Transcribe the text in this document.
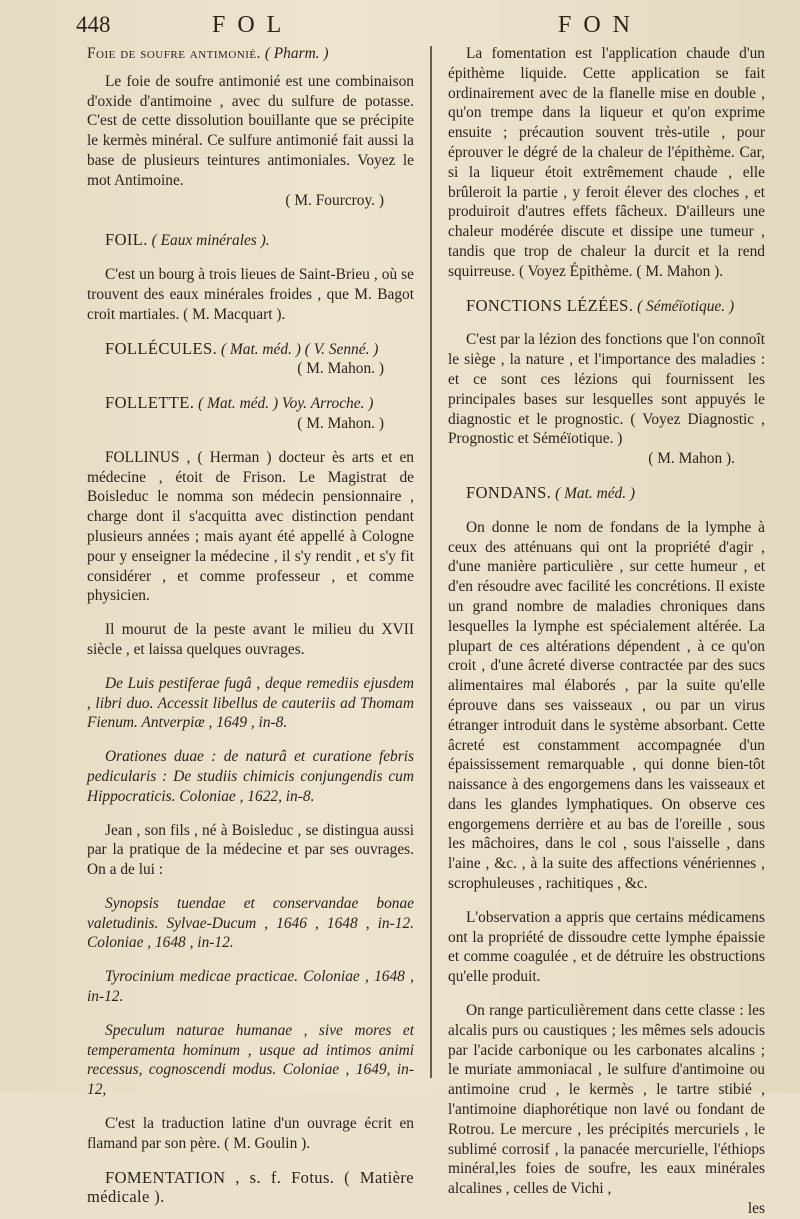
448	FOL	FON

Foie de soufre antimonié. ( Pharm. )

Le foie de soufre antimonié est une combinaison d'oxide d'antimoine , avec du sulfure de potasse. C'est de cette dissolution bouillante que se précipite le kermès minéral. Ce sulfure antimonié fait aussi la base de plusieurs teintures antimoniales. Voyez le mot Antimoine.

( M. Fourcroy. )

FOIL. ( Eaux minérales ).

C'est un bourg à trois lieues de Saint-Brieu , où se trouvent des eaux minérales froides , que M. Bagot croit martiales. ( M. Macquart ).

FOLLÉCULES. ( Mat. méd. ) ( V. Senné. )

( M. Mahon. )

FOLLETTE. ( Mat. méd. ) Voy. Arroche. )

( M. Mahon. )

FOLLINUS , ( Herman ) docteur ès arts et en médecine , étoit de Frison. Le Magistrat de Boisleduc le nomma son médecin pensionnaire , charge dont il s'acquitta avec distinction pendant plusieurs années ; mais ayant été appellé à Cologne pour y enseigner la médecine , il s'y rendit , et s'y fit considérer , et comme professeur , et comme physicien.

Il mourut de la peste avant le milieu du XVII siècle , et laissa quelques ouvrages.

De Luis pestiferae fugâ , deque remediis ejusdem , libri duo. Accessit libellus de cauteriis ad Thomam Fienum. Antverpiæ , 1649 , in-8.

Orationes duae : de naturâ et curatione febris pedicularis : De studiis chimicis conjungendis cum Hippocraticis. Coloniae , 1622, in-8.

Jean , son fils , né à Boisleduc , se distingua aussi par la pratique de la médecine et par ses ouvrages. On a de lui :

Synopsis tuendae et conservandae bonae valetudinis. Sylvae-Ducum , 1646 , 1648 , in-12. Coloniae , 1648 , in-12.

Tyrocinium medicae practicae. Coloniae , 1648 , in-12.

Speculum naturae humanae , sive mores et temperamenta hominum , usque ad intimos animi recessus, cognoscendi modus. Coloniae , 1649, in-12,

C'est la traduction latine d'un ouvrage écrit en flamand par son père. ( M. Goulin ).

FOMENTATION , s. f. Fotus. ( Matière médicale ).

La fomentation est l'application chaude d'un épithème liquide. Cette application se fait ordinairement avec de la flanelle mise en double , qu'on trempe dans la liqueur et qu'on exprime ensuite ; précaution souvent très-utile , pour éprouver le dégré de la chaleur de l'épithème. Car, si la liqueur étoit extrêmement chaude , elle brûleroit la partie , y feroit élever des cloches , et produiroit d'autres effets fâcheux. D'ailleurs une chaleur modérée discute et dissipe une tumeur , tandis que trop de chaleur la durcit et la rend squirreuse. ( Voyez Épithème. ( M. Mahon ).

FONCTIONS LÉZÉES. ( Séméïotique. )

C'est par la lézion des fonctions que l'on connoît le siège , la nature , et l'importance des maladies : et ce sont ces lézions qui fournissent les principales bases sur lesquelles sont appuyés le diagnostic et le prognostic. ( Voyez Diagnostic , Prognostic et Séméïotique. )

( M. Mahon ).

FONDANS. ( Mat. méd. )

On donne le nom de fondans de la lymphe à ceux des atténuans qui ont la propriété d'agir , d'une manière particulière , sur cette humeur , et d'en résoudre avec facilité les concrétions. Il existe un grand nombre de maladies chroniques dans lesquelles la lymphe est spécialement altérée. La plupart de ces altérations dépendent , à ce qu'on croit , d'une âcreté diverse contractée par des sucs alimentaires mal élaborés , par la suite qu'elle éprouve dans ses vaisseaux , ou par un virus étranger introduit dans le système absorbant. Cette âcreté est constamment accompagnée d'un épaississement remarquable , qui donne bien-tôt naissance à des engorgemens dans les vaisseaux et dans les glandes lymphatiques. On observe ces engorgemens derrière et au bas de l'oreille , sous les mâchoires, dans le col , sous l'aisselle , dans l'aine , &c. , à la suite des affections vénériennes , scrophuleuses , rachitiques , &c.

L'observation a appris que certains médicamens ont la propriété de dissoudre cette lymphe épaissie et comme coagulée , et de détruire les obstructions qu'elle produit.

On range particulièrement dans cette classe : les alcalis purs ou caustiques ; les mêmes sels adoucis par l'acide carbonique ou les carbonates alcalins ; le muriate ammoniacal , le sulfure d'antimoine ou antimoine crud , le kermès , le tartre stibié , l'antimoine diaphorétique non lavé ou fondant de Rotrou. Le mercure , les précipités mercuriels , le sublimé corrosif , la panacée mercurielle, l'éthiops minéral,les foies de soufre, les eaux minérales alcalines , celles de Vichi ,

les
